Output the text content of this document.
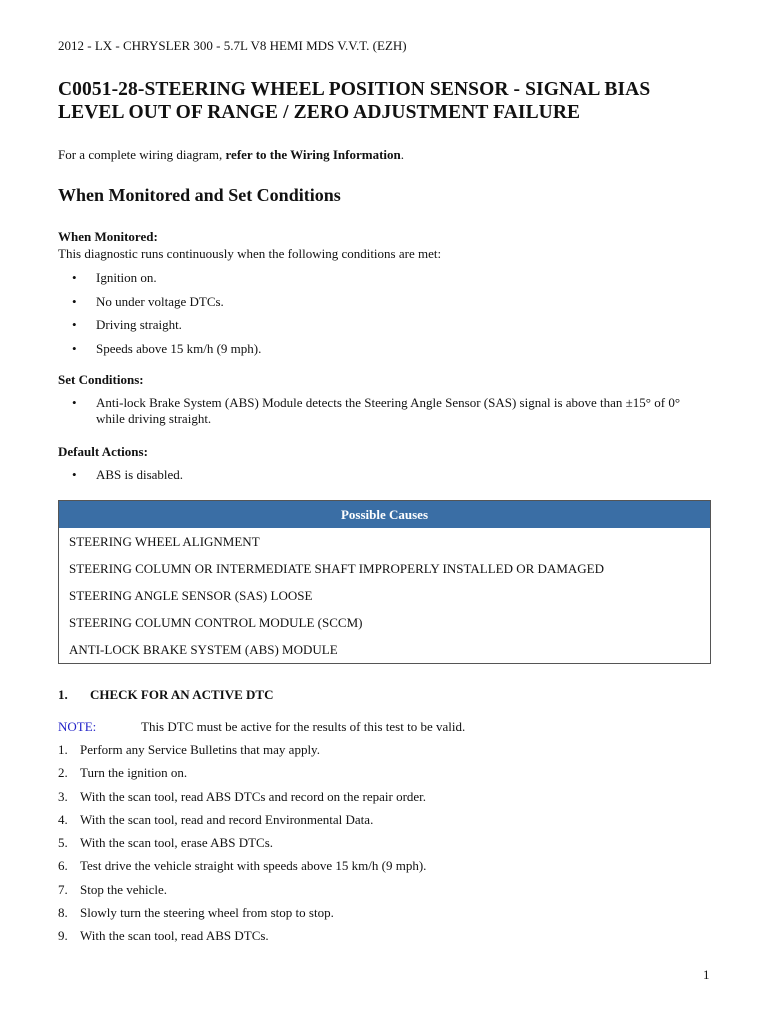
2012 - LX - CHRYSLER 300 - 5.7L V8 HEMI MDS V.V.T. (EZH)
C0051-28-STEERING WHEEL POSITION SENSOR - SIGNAL BIAS LEVEL OUT OF RANGE / ZERO ADJUSTMENT FAILURE
For a complete wiring diagram, refer to the Wiring Information.
When Monitored and Set Conditions
When Monitored:
This diagnostic runs continuously when the following conditions are met:
• Ignition on.
• No under voltage DTCs.
• Driving straight.
• Speeds above 15 km/h (9 mph).
Set Conditions:
• Anti-lock Brake System (ABS) Module detects the Steering Angle Sensor (SAS) signal is above than ±15° of 0° while driving straight.
Default Actions:
• ABS is disabled.
Possible Causes
STEERING WHEEL ALIGNMENT
STEERING COLUMN OR INTERMEDIATE SHAFT IMPROPERLY INSTALLED OR DAMAGED
STEERING ANGLE SENSOR (SAS) LOOSE
STEERING COLUMN CONTROL MODULE (SCCM)
ANTI-LOCK BRAKE SYSTEM (ABS) MODULE
1. CHECK FOR AN ACTIVE DTC
NOTE:	This DTC must be active for the results of this test to be valid.
1. Perform any Service Bulletins that may apply.
2. Turn the ignition on.
3. With the scan tool, read ABS DTCs and record on the repair order.
4. With the scan tool, read and record Environmental Data.
5. With the scan tool, erase ABS DTCs.
6. Test drive the vehicle straight with speeds above 15 km/h (9 mph).
7. Stop the vehicle.
8. Slowly turn the steering wheel from stop to stop.
9. With the scan tool, read ABS DTCs.
1
